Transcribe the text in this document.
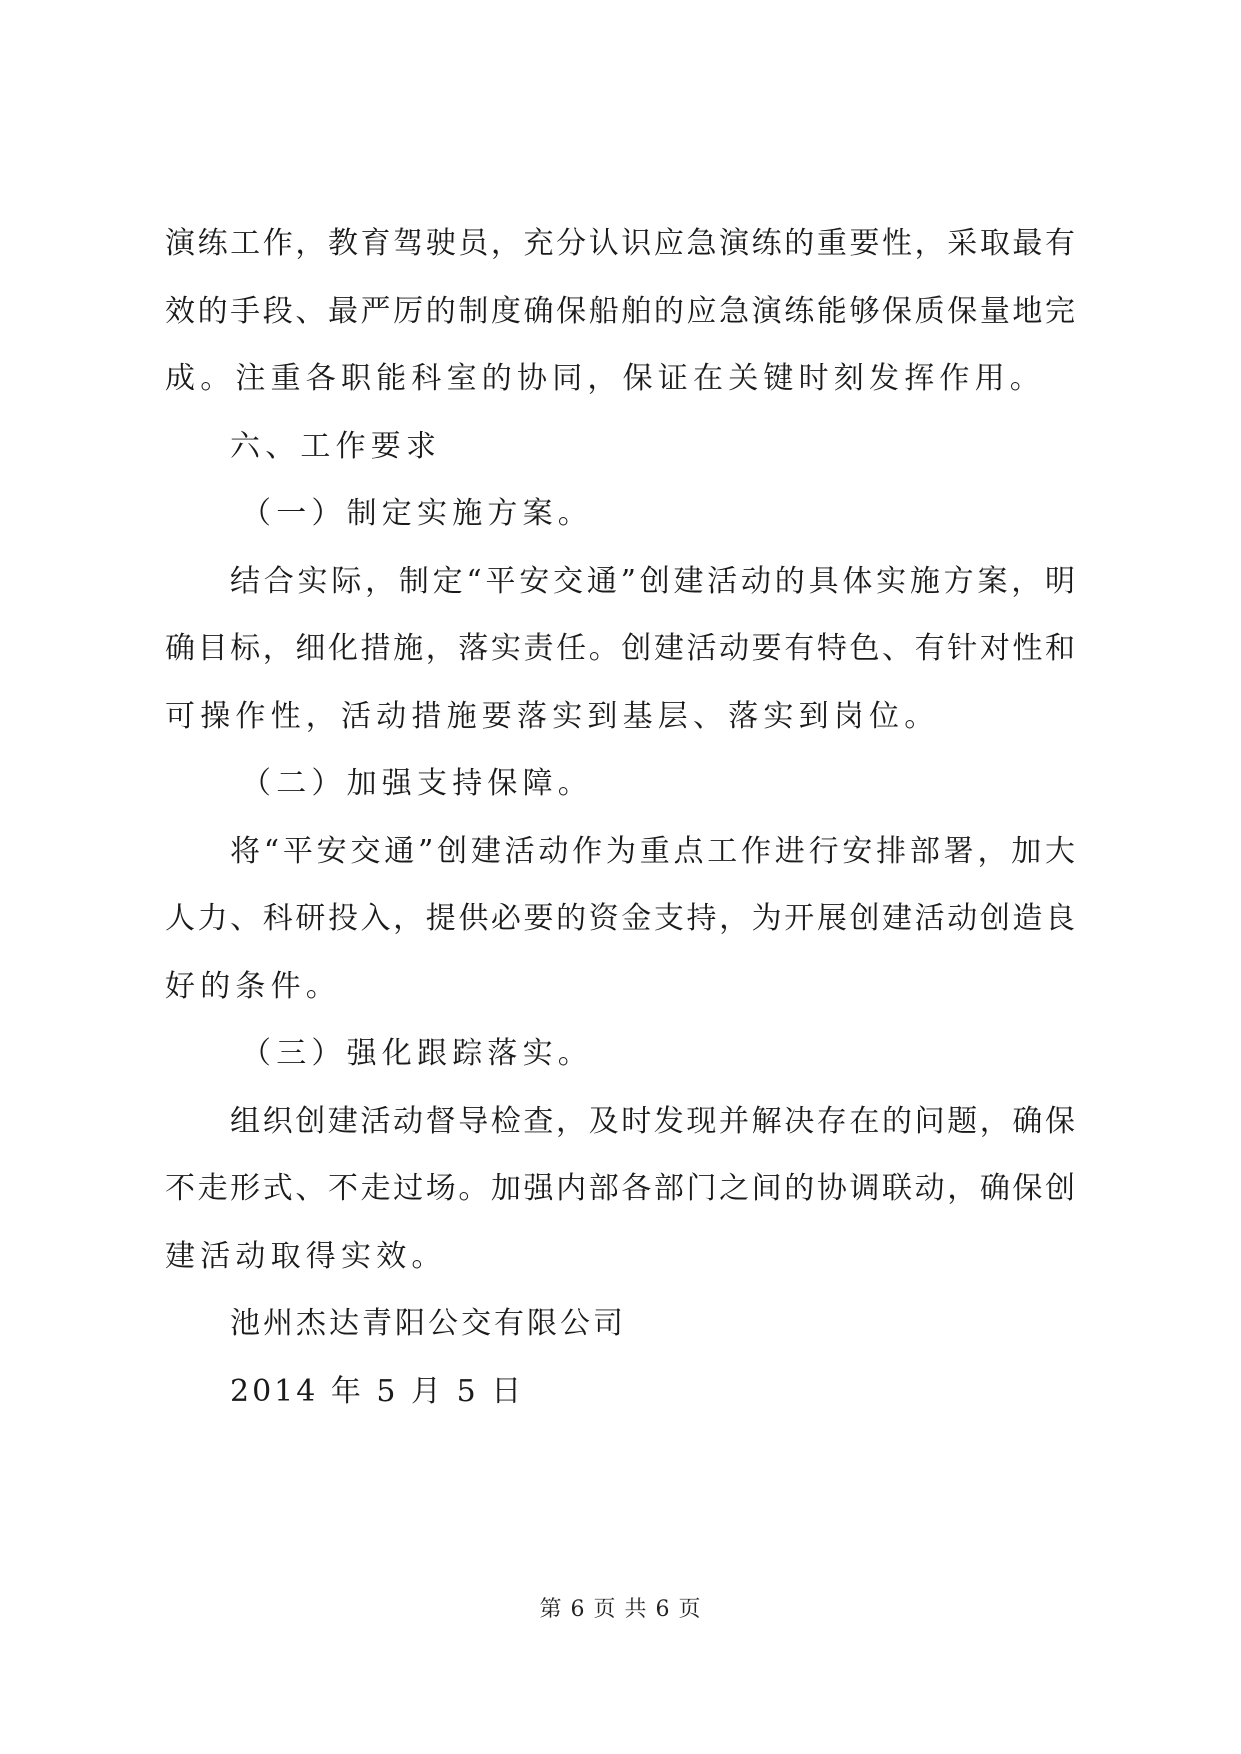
演练工作，教育驾驶员，充分认识应急演练的重要性，采取最有
效的手段、最严厉的制度确保船舶的应急演练能够保质保量地完
成。注重各职能科室的协同，保证在关键时刻发挥作用。
六、工作要求
（一）制定实施方案。
结合实际，制定“平安交通”创建活动的具体实施方案，明
确目标，细化措施，落实责任。创建活动要有特色、有针对性和
可操作性，活动措施要落实到基层、落实到岗位。
（二）加强支持保障。
将“平安交通”创建活动作为重点工作进行安排部署，加大
人力、科研投入，提供必要的资金支持，为开展创建活动创造良
好的条件。
（三）强化跟踪落实。
组织创建活动督导检查，及时发现并解决存在的问题，确保
不走形式、不走过场。加强内部各部门之间的协调联动，确保创
建活动取得实效。
池州杰达青阳公交有限公司
2014 年 5 月 5 日
第 6 页 共 6 页
